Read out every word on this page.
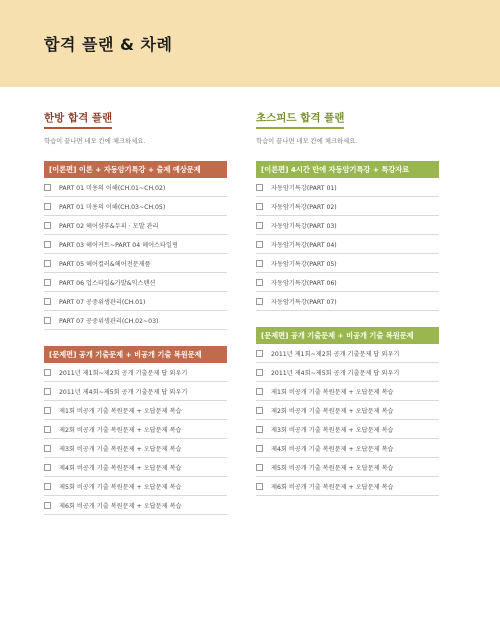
합격 플랜 & 차례
한방 합격 플랜
학습이 끝나면 네모 칸에 체크하세요.
[이론편] 이론 + 자동암기특강 + 출제 예상문제
PART 01 미용의 이해(CH.01~CH.02)
PART 01 미용의 이해(CH.03~CH.05)
PART 02 헤어샴푸&두피 · 모발 관리
PART 03 헤어커트~PART 04 헤어스타일링
PART 05 헤어컬러&헤어전문제품
PART 06 업스타일&가발&익스텐션
PART 07 공중위생관리(CH.01)
PART 07 공중위생관리(CH.02~03)
[문제편] 공개 기출문제 + 비공개 기출 복원문제
2011년 제1회~제2회 공개 기출문제 답 외우기
2011년 제4회~제5회 공개 기출문제 답 외우기
제1회 비공개 기출 복원문제 + 오답문제 복습
제2회 비공개 기출 복원문제 + 오답문제 복습
제3회 비공개 기출 복원문제 + 오답문제 복습
제4회 비공개 기출 복원문제 + 오답문제 복습
제5회 비공개 기출 복원문제 + 오답문제 복습
제6회 비공개 기출 복원문제 + 오답문제 복습
초스피드 합격 플랜
학습이 끝나면 네모 칸에 체크하세요.
[이론편] 4시간 만에 자동암기특강 + 특강자료
자동암기특강(PART 01)
자동암기특강(PART 02)
자동암기특강(PART 03)
자동암기특강(PART 04)
자동암기특강(PART 05)
자동암기특강(PART 06)
자동암기특강(PART 07)
[문제편] 공개 기출문제 + 비공개 기출 복원문제
2011년 제1회~제2회 공개 기출문제 답 외우기
2011년 제4회~제5회 공개 기출문제 답 외우기
제1회 비공개 기출 복원문제 + 오답문제 복습
제2회 비공개 기출 복원문제 + 오답문제 복습
제3회 비공개 기출 복원문제 + 오답문제 복습
제4회 비공개 기출 복원문제 + 오답문제 복습
제5회 비공개 기출 복원문제 + 오답문제 복습
제6회 비공개 기출 복원문제 + 오답문제 복습
